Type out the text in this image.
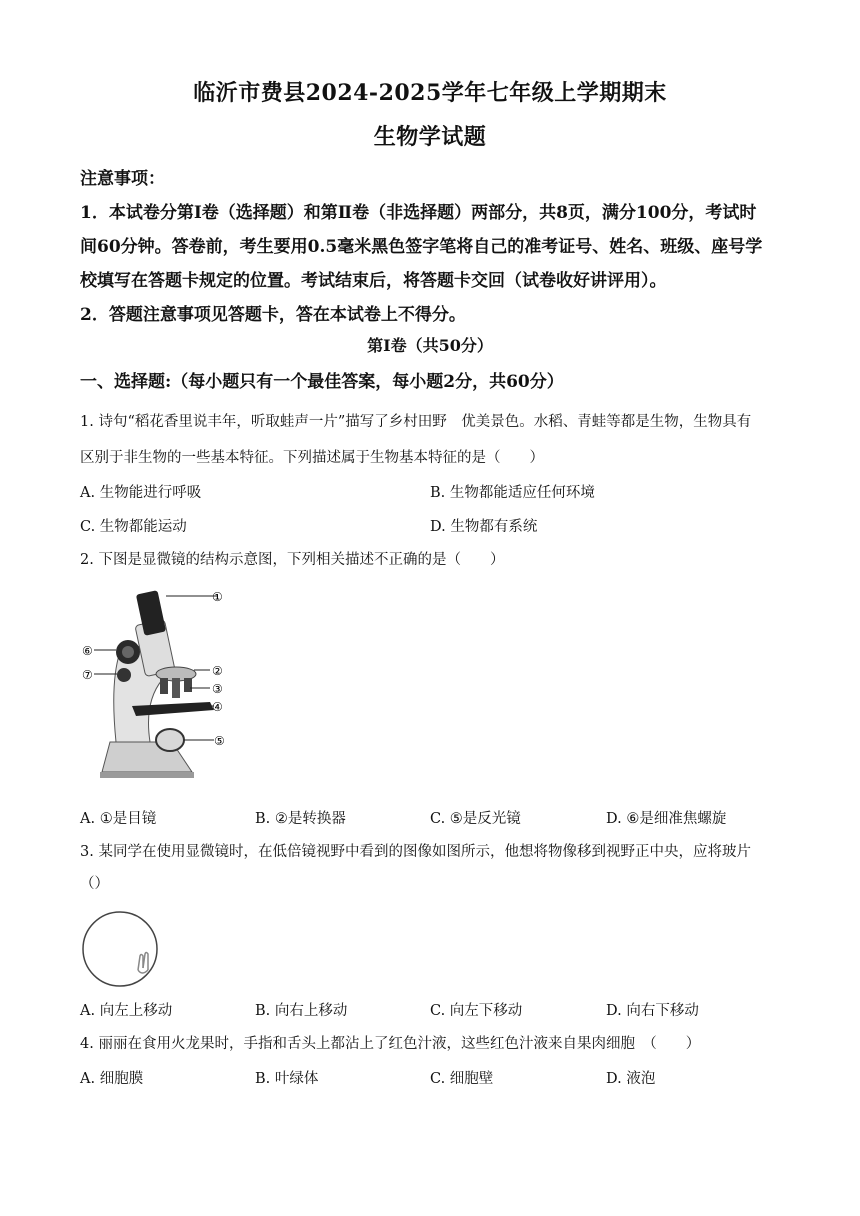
临沂市费县2024-2025学年七年级上学期期末
生物学试题
注意事项：
1．本试卷分第Ⅰ卷（选择题）和第Ⅱ卷（非选择题）两部分，共8页，满分100分，考试时
间60分钟。答卷前，考生要用0.5毫米黑色签字笔将自己的准考证号、姓名、班级、座号学
校填写在答题卡规定的位置。考试结束后，将答题卡交回（试卷收好讲评用）。
2．答题注意事项见答题卡，答在本试卷上不得分。
第Ⅰ卷（共50分）
一、选择题:（每小题只有一个最佳答案，每小题2分，共60分）
1. 诗句“稻花香里说丰年，听取蛙声一片”描写了乡村田野　优美景色。水稻、青蛙等都是生物，生物具有
区别于非生物的一些基本特征。下列描述属于生物基本特征的是（　　）
A. 生物能进行呼吸	B. 生物都能适应任何环境
C. 生物都能运动	D. 生物都有系统
2. 下图是显微镜的结构示意图，下列相关描述不正确的是（　　）
①
②
③
④
⑤
⑥
⑦
A. ①是目镜	B. ②是转换器	C. ⑤是反光镜	D. ⑥是细准焦螺旋
3. 某同学在使用显微镜时，在低倍镜视野中看到的图像如图所示，他想将物像移到视野正中央，应将玻片
（）
A. 向左上移动	B. 向右上移动	C. 向左下移动	D. 向右下移动
4. 丽丽在食用火龙果时，手指和舌头上都沾上了红色汁液，这些红色汁液来自果肉细胞　（　　）
A. 细胞膜	B. 叶绿体	C. 细胞壁	D. 液泡
